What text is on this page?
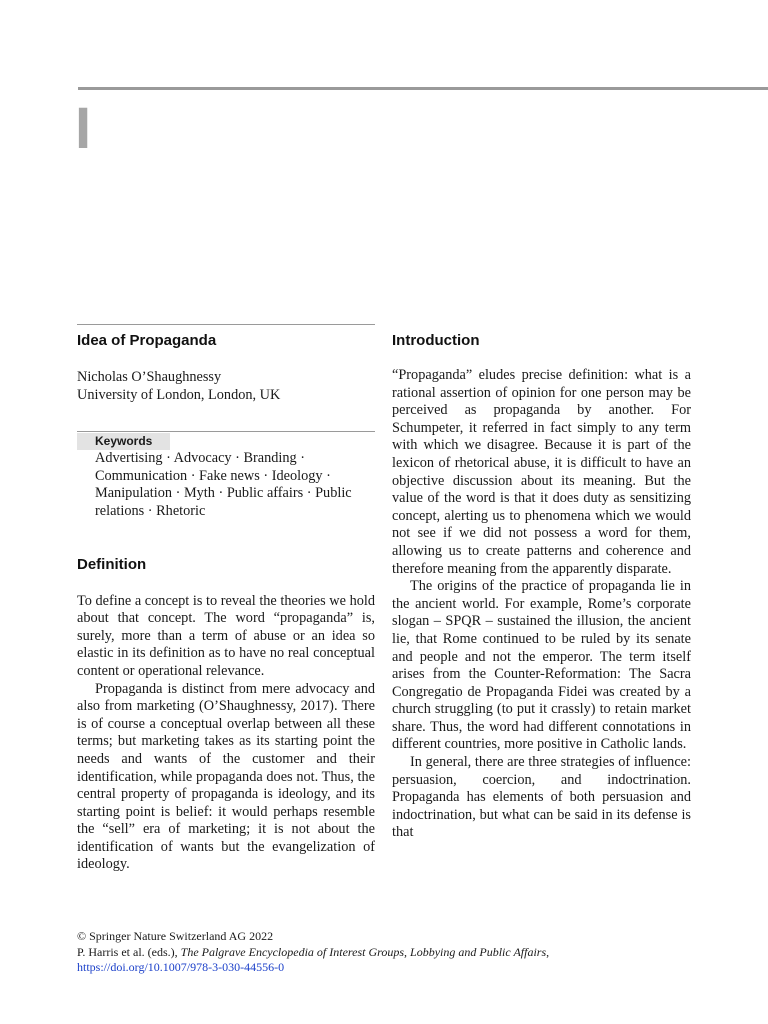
I
Idea of Propaganda
Nicholas O’Shaughnessy
University of London, London, UK
Keywords

Advertising · Advocacy · Branding · Communication · Fake news · Ideology · Manipulation · Myth · Public affairs · Public relations · Rhetoric

Definition

To define a concept is to reveal the theories we hold about that concept. The word “propaganda” is, surely, more than a term of abuse or an idea so elastic in its definition as to have no real conceptual content or operational relevance.

Propaganda is distinct from mere advocacy and also from marketing (O’Shaughnessy, 2017). There is of course a conceptual overlap between all these terms; but marketing takes as its starting point the needs and wants of the customer and their identification, while propaganda does not. Thus, the central property of propaganda is ideology, and its starting point is belief: it would perhaps resemble the “sell” era of marketing; it is not about the identification of wants but the evangelization of ideology.

Introduction

“Propaganda” eludes precise definition: what is a rational assertion of opinion for one person may be perceived as propaganda by another. For Schumpeter, it referred in fact simply to any term with which we disagree. Because it is part of the lexicon of rhetorical abuse, it is difficult to have an objective discussion about its meaning. But the value of the word is that it does duty as sensitizing concept, alerting us to phenomena which we would not see if we did not possess a word for them, allowing us to create patterns and coherence and therefore meaning from the apparently disparate.

The origins of the practice of propaganda lie in the ancient world. For example, Rome’s corporate slogan – SPQR – sustained the illusion, the ancient lie, that Rome continued to be ruled by its senate and people and not the emperor. The term itself arises from the Counter-Reformation: The Sacra Congregatio de Propaganda Fidei was created by a church struggling (to put it crassly) to retain market share. Thus, the word had different connotations in different countries, more positive in Catholic lands.

In general, there are three strategies of influence: persuasion, coercion, and indoctrination. Propaganda has elements of both persuasion and indoctrination, but what can be said in its defense is that

© Springer Nature Switzerland AG 2022
P. Harris et al. (eds.), The Palgrave Encyclopedia of Interest Groups, Lobbying and Public Affairs,
https://doi.org/10.1007/978-3-030-44556-0
